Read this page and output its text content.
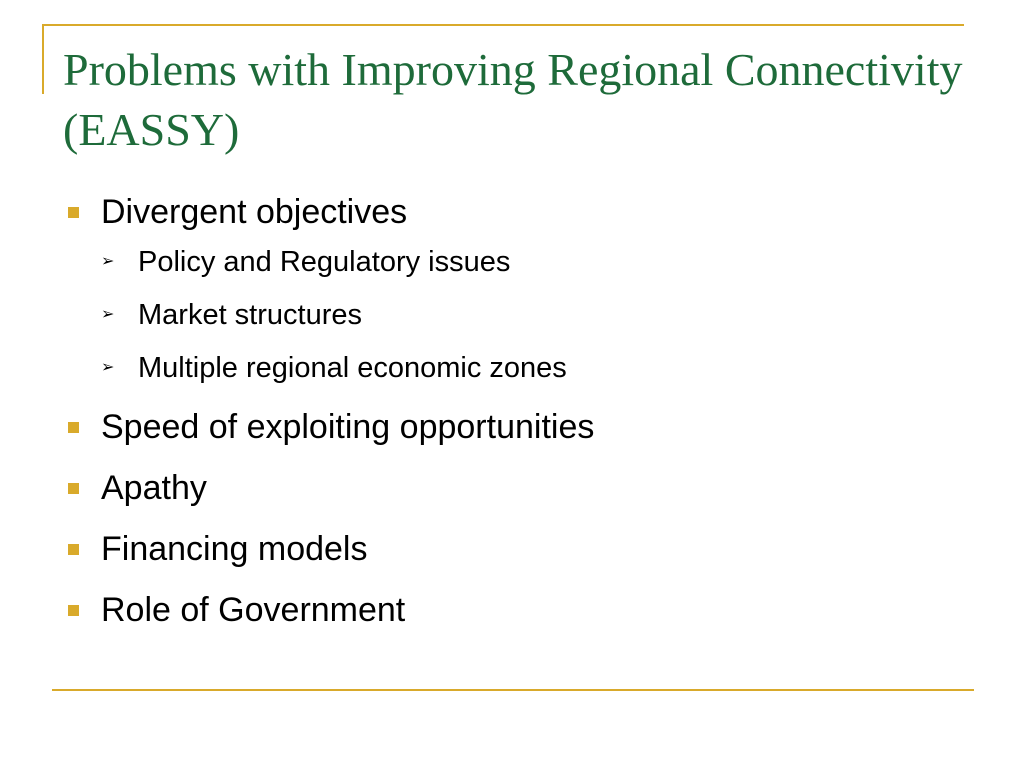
Problems with Improving Regional Connectivity (EASSY)
Divergent objectives
➢ Policy and Regulatory issues
➢ Market structures
➢ Multiple regional economic zones
Speed of exploiting opportunities
Apathy
Financing models
Role of Government
